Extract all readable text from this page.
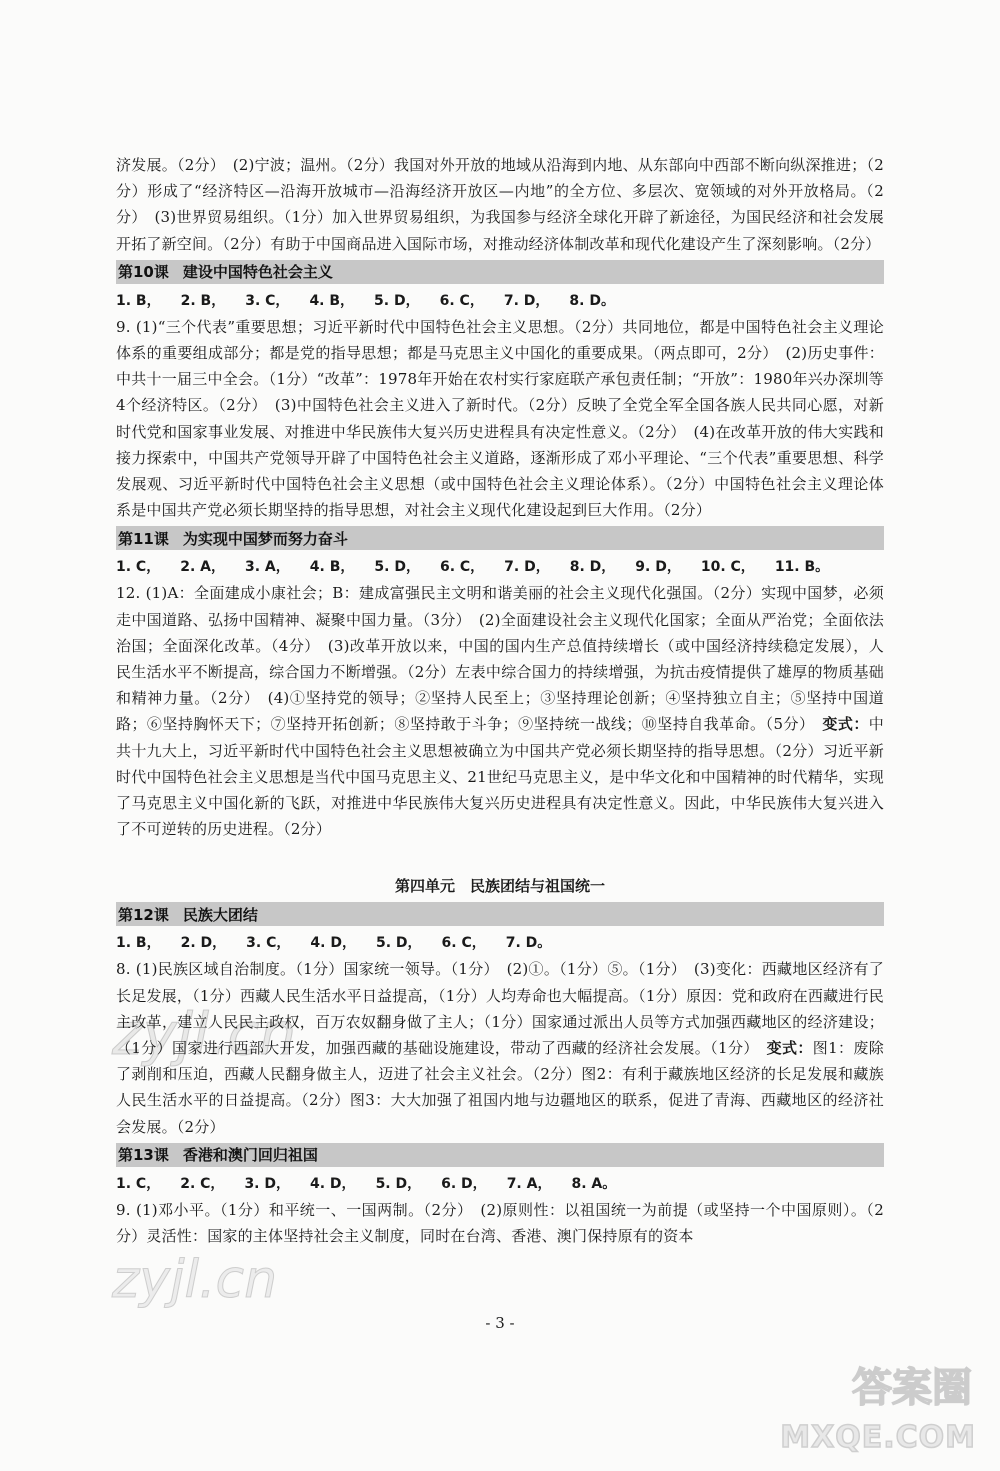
zyjl.cn
zyjl.cn

济发展。（2分）　(2)宁波；温州。（2分）我国对外开放的地域从沿海到内地、从东部向中西部不断向纵深推进；（2分）形成了“经济特区—沿海开放城市—沿海经济开放区—内地”的全方位、多层次、宽领域的对外开放格局。（2分）　(3)世界贸易组织。（1分）加入世界贸易组织，为我国参与经济全球化开辟了新途径，为国民经济和社会发展开拓了新空间。（2分）有助于中国商品进入国际市场，对推动经济体制改革和现代化建设产生了深刻影响。（2分）

第10课 建设中国特色社会主义

1. B， 2. B， 3. C， 4. B， 5. D， 6. C， 7. D， 8. D。

9. (1)“三个代表”重要思想；习近平新时代中国特色社会主义思想。（2分）共同地位，都是中国特色社会主义理论体系的重要组成部分；都是党的指导思想；都是马克思主义中国化的重要成果。（两点即可，2分）　(2)历史事件：中共十一届三中全会。（1分）“改革”：1978年开始在农村实行家庭联产承包责任制；“开放”：1980年兴办深圳等4个经济特区。（2分）　(3)中国特色社会主义进入了新时代。（2分）反映了全党全军全国各族人民共同心愿，对新时代党和国家事业发展、对推进中华民族伟大复兴历史进程具有决定性意义。（2分）　(4)在改革开放的伟大实践和接力探索中，中国共产党领导开辟了中国特色社会主义道路，逐渐形成了邓小平理论、“三个代表”重要思想、科学发展观、习近平新时代中国特色社会主义思想（或中国特色社会主义理论体系）。（2分）中国特色社会主义理论体系是中国共产党必须长期坚持的指导思想，对社会主义现代化建设起到巨大作用。（2分）

第11课 为实现中国梦而努力奋斗

1. C， 2. A， 3. A， 4. B， 5. D， 6. C， 7. D， 8. D， 9. D， 10. C， 11. B。

12. (1)A：全面建成小康社会；B：建成富强民主文明和谐美丽的社会主义现代化强国。（2分）实现中国梦，必须走中国道路、弘扬中国精神、凝聚中国力量。（3分）　(2)全面建设社会主义现代化国家；全面从严治党；全面依法治国；全面深化改革。（4分）　(3)改革开放以来，中国的国内生产总值持续增长（或中国经济持续稳定发展），人民生活水平不断提高，综合国力不断增强。（2分）左表中综合国力的持续增强，为抗击疫情提供了雄厚的物质基础和精神力量。（2分）　(4)①坚持党的领导；②坚持人民至上；③坚持理论创新；④坚持独立自主；⑤坚持中国道路；⑥坚持胸怀天下；⑦坚持开拓创新；⑧坚持敢于斗争；⑨坚持统一战线；⑩坚持自我革命。（5分）　变式：中共十九大上，习近平新时代中国特色社会主义思想被确立为中国共产党必须长期坚持的指导思想。（2分）习近平新时代中国特色社会主义思想是当代中国马克思主义、21世纪马克思主义，是中华文化和中国精神的时代精华，实现了马克思主义中国化新的飞跃，对推进中华民族伟大复兴历史进程具有决定性意义。因此，中华民族伟大复兴进入了不可逆转的历史进程。（2分）

第四单元　民族团结与祖国统一
第12课 民族大团结

1. B， 2. D， 3. C， 4. D， 5. D， 6. C， 7. D。

8. (1)民族区域自治制度。（1分）国家统一领导。（1分）　(2)①。（1分）⑤。（1分）　(3)变化：西藏地区经济有了长足发展，（1分）西藏人民生活水平日益提高，（1分）人均寿命也大幅提高。（1分）原因：党和政府在西藏进行民主改革，建立人民民主政权，百万农奴翻身做了主人；（1分）国家通过派出人员等方式加强西藏地区的经济建设；（1分）国家进行西部大开发，加强西藏的基础设施建设，带动了西藏的经济社会发展。（1分）　变式：图1：废除了剥削和压迫，西藏人民翻身做主人，迈进了社会主义社会。（2分）图2：有利于藏族地区经济的长足发展和藏族人民生活水平的日益提高。（2分）图3：大大加强了祖国内地与边疆地区的联系，促进了青海、西藏地区的经济社会发展。（2分）

第13课 香港和澳门回归祖国

1. C， 2. C， 3. D， 4. D， 5. D， 6. D， 7. A， 8. A。

9. (1)邓小平。（1分）和平统一、一国两制。（2分）　(2)原则性：以祖国统一为前提（或坚持一个中国原则）。（2分）灵活性：国家的主体坚持社会主义制度，同时在台湾、香港、澳门保持原有的资本

- 3 -
答案圈
MXQE.COM
